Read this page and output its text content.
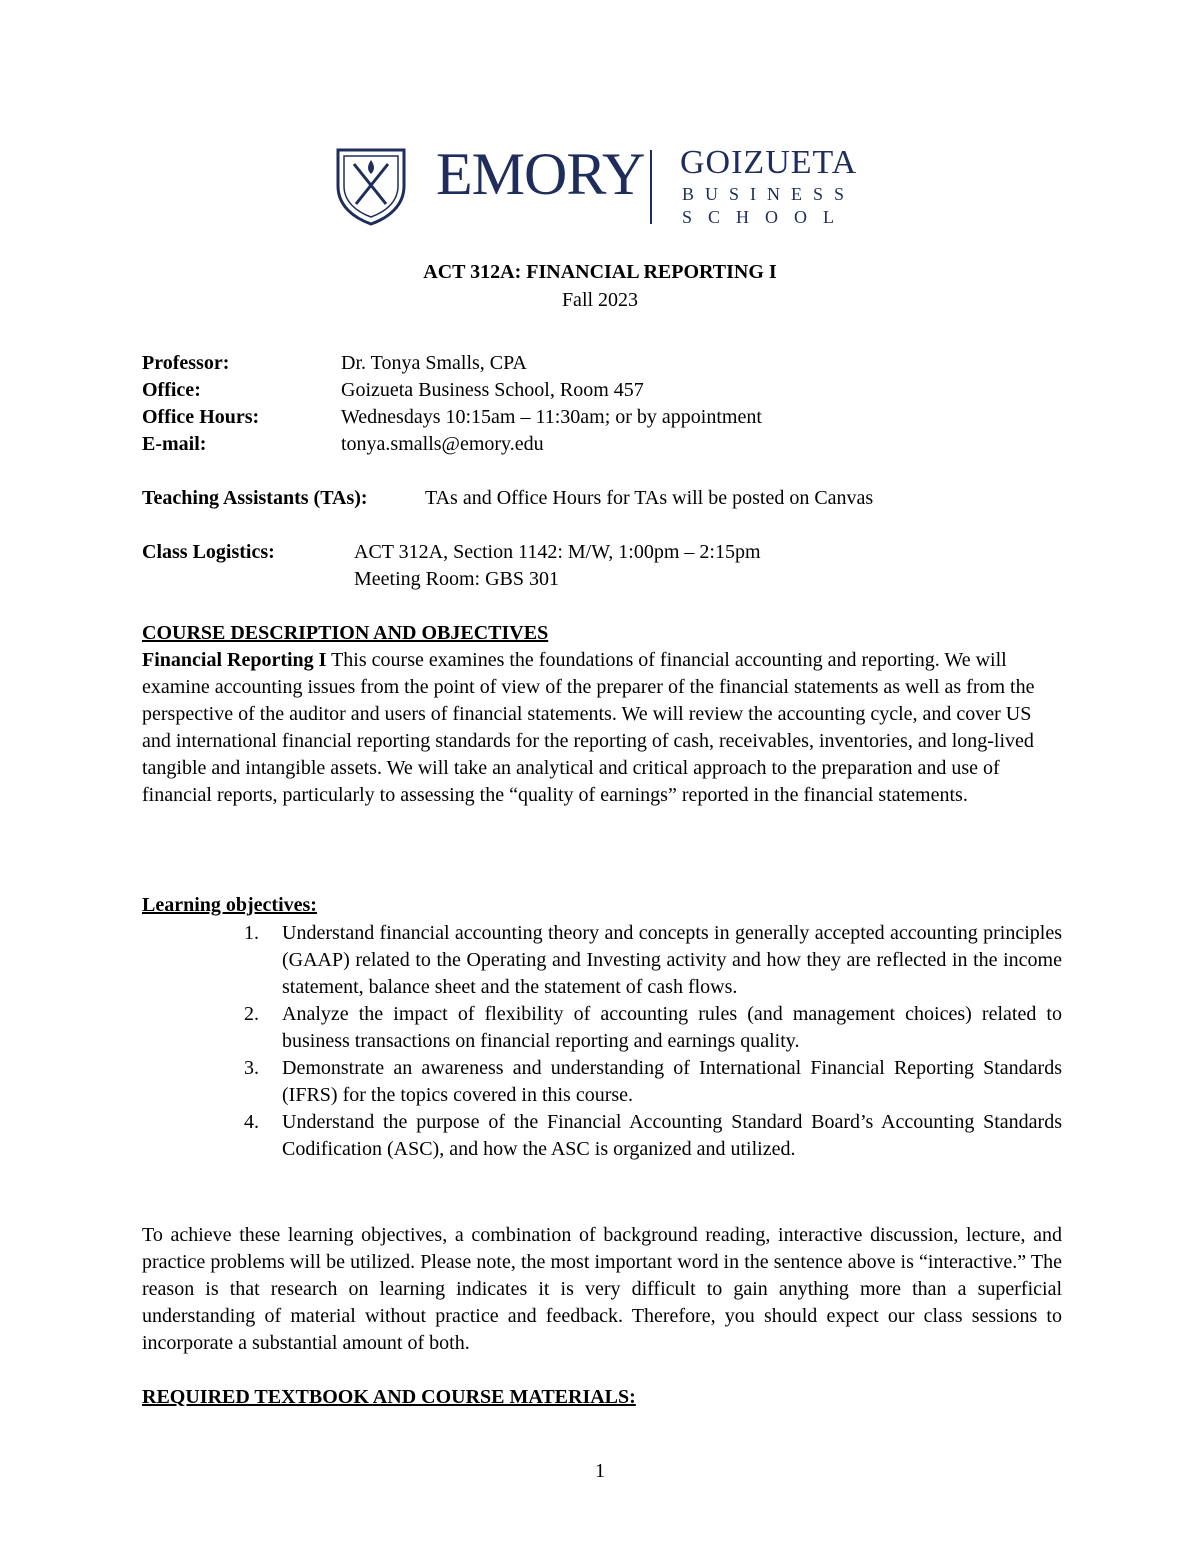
EMORY GOIZUETA
BUSINESS
SCHOOL
ACT 312A: FINANCIAL REPORTING I
Fall 2023
Professor:	Dr. Tonya Smalls, CPA
Office:	Goizueta Business School, Room 457
Office Hours:	Wednesdays 10:15am – 11:30am; or by appointment
E-mail:	tonya.smalls@emory.edu
Teaching Assistants (TAs):	TAs and Office Hours for TAs will be posted on Canvas
Class Logistics:	ACT 312A, Section 1142: M/W, 1:00pm – 2:15pm
Meeting Room: GBS 301
COURSE DESCRIPTION AND OBJECTIVES

Financial Reporting I This course examines the foundations of financial accounting and reporting. We will examine accounting issues from the point of view of the preparer of the financial statements as well as from the perspective of the auditor and users of financial statements. We will review the accounting cycle, and cover US and international financial reporting standards for the reporting of cash, receivables, inventories, and long-lived tangible and intangible assets. We will take an analytical and critical approach to the preparation and use of financial reports, particularly to assessing the “quality of earnings” reported in the financial statements.

Learning objectives:
1. Understand financial accounting theory and concepts in generally accepted accounting principles (GAAP) related to the Operating and Investing activity and how they are reflected in the income statement, balance sheet and the statement of cash flows.
2. Analyze the impact of flexibility of accounting rules (and management choices) related to business transactions on financial reporting and earnings quality.
3. Demonstrate an awareness and understanding of International Financial Reporting Standards (IFRS) for the topics covered in this course.
4. Understand the purpose of the Financial Accounting Standard Board’s Accounting Standards Codification (ASC), and how the ASC is organized and utilized.
To achieve these learning objectives, a combination of background reading, interactive discussion, lecture, and practice problems will be utilized. Please note, the most important word in the sentence above is “interactive.” The reason is that research on learning indicates it is very difficult to gain anything more than a superficial understanding of material without practice and feedback. Therefore, you should expect our class sessions to incorporate a substantial amount of both.
REQUIRED TEXTBOOK AND COURSE MATERIALS:
1
